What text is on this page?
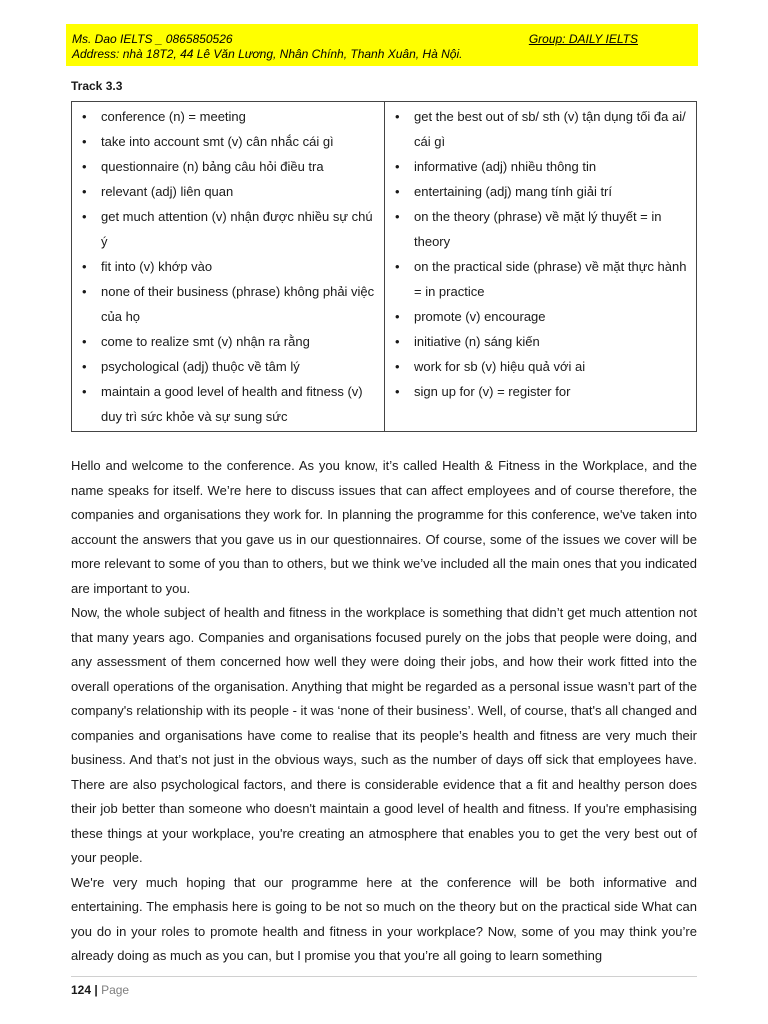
Ms. Dao IELTS _ 0865850526	Group: DAILY IELTS
Address: nhà 18T2, 44 Lê Văn Lương, Nhân Chính, Thanh Xuân, Hà Nội.
Track 3.3
• conference (n) = meeting
• take into account smt (v) cân nhắc cái gì
• questionnaire (n) bảng câu hỏi điều tra
• relevant (adj) liên quan
• get much attention (v) nhận được nhiều sự chú ý
• fit into (v) khớp vào
• none of their business (phrase) không phải việc của họ
• come to realize smt (v) nhận ra rằng
• psychological (adj) thuộc về tâm lý
• maintain a good level of health and fitness (v) duy trì sức khỏe và sự sung sức
• get the best out of sb/ sth (v) tận dụng tối đa ai/ cái gì
• informative (adj) nhiều thông tin
• entertaining (adj) mang tính giải trí
• on the theory (phrase) về mặt lý thuyết = in theory
• on the practical side (phrase) về mặt thực hành = in practice
• promote (v) encourage
• initiative (n) sáng kiến
• work for sb (v) hiệu quả với ai
• sign up for (v) = register for

Hello and welcome to the conference. As you know, it’s called Health & Fitness in the Workplace, and the name speaks for itself. We’re here to discuss issues that can affect employees and of course therefore, the companies and organisations they work for. In planning the programme for this conference, we've taken into account the answers that you gave us in our questionnaires. Of course, some of the issues we cover will be more relevant to some of you than to others, but we think we’ve included all the main ones that you indicated are important to you.

Now, the whole subject of health and fitness in the workplace is something that didn’t get much attention not that many years ago. Companies and organisations focused purely on the jobs that people were doing, and any assessment of them concerned how well they were doing their jobs, and how their work fitted into the overall operations of the organisation. Anything that might be regarded as a personal issue wasn’t part of the company's relationship with its people - it was ‘none of their business’. Well, of course, that's all changed and companies and organisations have come to realise that its people’s health and fitness are very much their business. And that’s not just in the obvious ways, such as the number of days off sick that employees have. There are also psychological factors, and there is considerable evidence that a fit and healthy person does their job better than someone who doesn't maintain a good level of health and fitness. If you're emphasising these things at your workplace, you're creating an atmosphere that enables you to get the very best out of your people.

We're very much hoping that our programme here at the conference will be both informative and entertaining. The emphasis here is going to be not so much on the theory but on the practical side What can you do in your roles to promote health and fitness in your workplace? Now, some of you may think you’re already doing as much as you can, but I promise you that you’re all going to learn something

124 | Page
